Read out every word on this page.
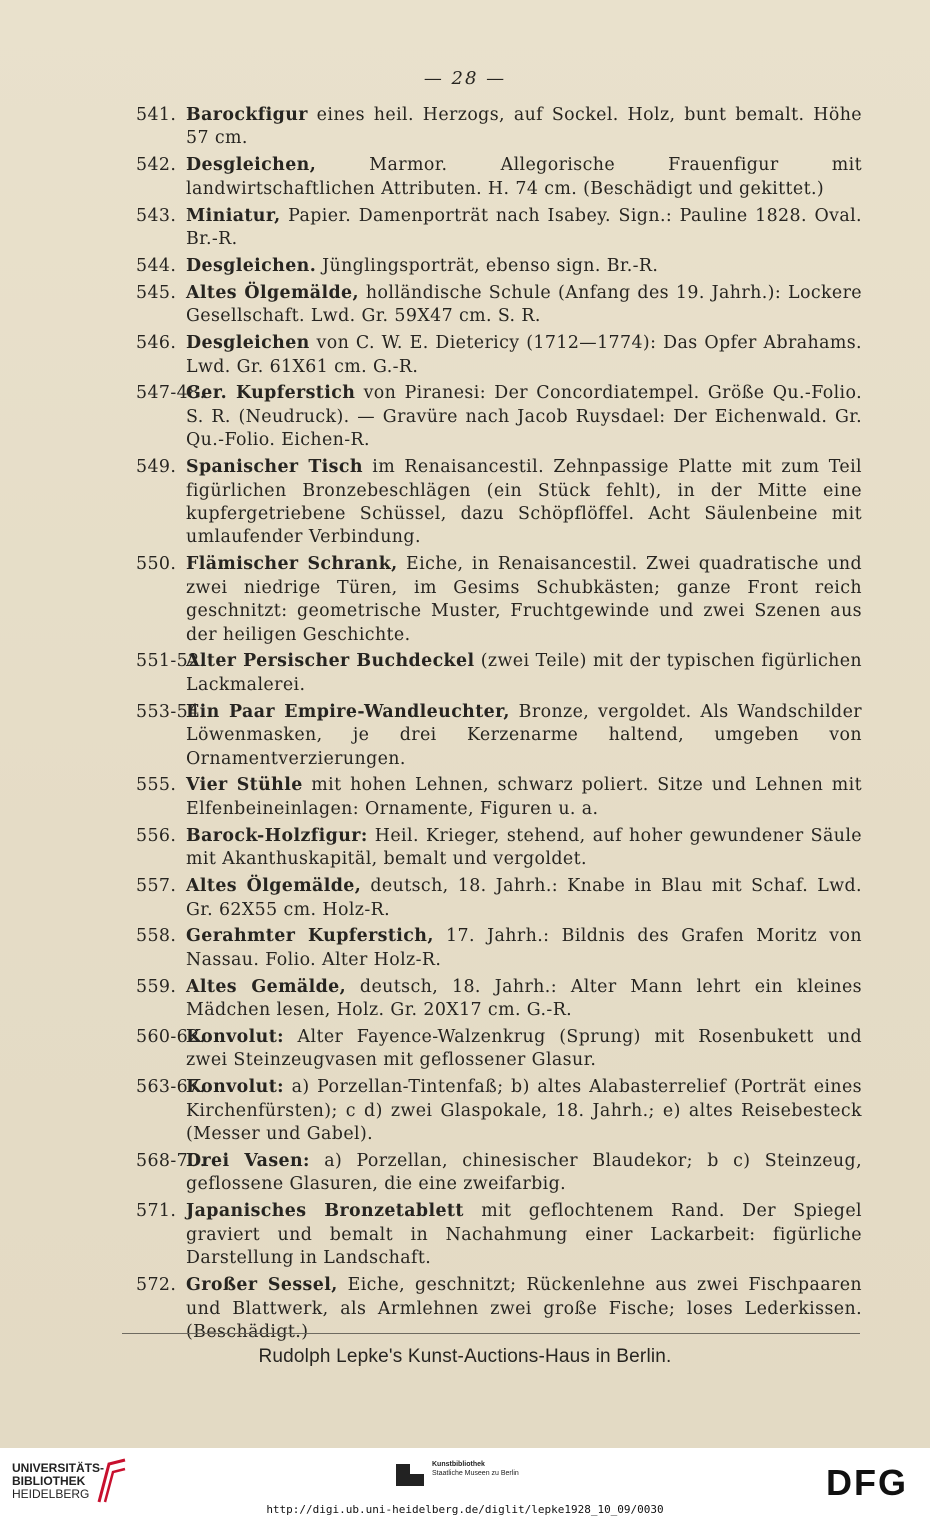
— 28 —
541. Barockfigur eines heil. Herzogs, auf Sockel. Holz, bunt bemalt. Höhe 57 cm.
542. Desgleichen, Marmor. Allegorische Frauenfigur mit landwirtschaftlichen Attributen. H. 74 cm. (Beschädigt und gekittet.)
543. Miniatur, Papier. Damenporträt nach Isabey. Sign.: Pauline 1828. Oval. Br.-R.
544. Desgleichen. Jünglingsporträt, ebenso sign. Br.-R.
545. Altes Ölgemälde, holländische Schule (Anfang des 19. Jahrh.): Lockere Gesellschaft. Lwd. Gr. 59X47 cm. S. R.
546. Desgleichen von C. W. E. Dietericy (1712—1774): Das Opfer Abrahams. Lwd. Gr. 61X61 cm. G.-R.
547-48.
Ger. Kupferstich von Piranesi: Der Concordiatempel. Größe Qu.-Folio. S. R. (Neudruck). — Gravüre nach Jacob Ruysdael: Der Eichenwald. Gr. Qu.-Folio. Eichen-R.
549. Spanischer Tisch im Renaisancestil. Zehnpassige Platte mit zum Teil figürlichen Bronzebeschlägen (ein Stück fehlt), in der Mitte eine kupfergetriebene Schüssel, dazu Schöpflöffel. Acht Säulenbeine mit umlaufender Verbindung.
550. Flämischer Schrank, Eiche, in Renaisancestil. Zwei quadratische und zwei niedrige Türen, im Gesims Schubkästen; ganze Front reich geschnitzt: geometrische Muster, Fruchtgewinde und zwei Szenen aus der heiligen Geschichte.
551-52.
Alter Persischer Buchdeckel (zwei Teile) mit der typischen figürlichen Lackmalerei.
553-54.
Ein Paar Empire-Wandleuchter, Bronze, vergoldet. Als Wandschilder Löwenmasken, je drei Kerzenarme haltend, umgeben von Ornamentverzierungen.
555. Vier Stühle mit hohen Lehnen, schwarz poliert. Sitze und Lehnen mit Elfenbeineinlagen: Ornamente, Figuren u. a.
556. Barock-Holzfigur: Heil. Krieger, stehend, auf hoher gewundener Säule mit Akanthuskapitäl, bemalt und vergoldet.
557. Altes Ölgemälde, deutsch, 18. Jahrh.: Knabe in Blau mit Schaf. Lwd. Gr. 62X55 cm. Holz-R.
558. Gerahmter Kupferstich, 17. Jahrh.: Bildnis des Grafen Moritz von Nassau. Folio. Alter Holz-R.
559. Altes Gemälde, deutsch, 18. Jahrh.: Alter Mann lehrt ein kleines Mädchen lesen, Holz. Gr. 20X17 cm. G.-R.
560-62.
Konvolut: Alter Fayence-Walzenkrug (Sprung) mit Rosenbukett und zwei Steinzeugvasen mit geflossener Glasur.
563-67.
Konvolut: a) Porzellan-Tintenfaß; b) altes Alabasterrelief (Porträt eines Kirchenfürsten); c d) zwei Glaspokale, 18. Jahrh.; e) altes Reisebesteck (Messer und Gabel).
568-70.
Drei Vasen: a) Porzellan, chinesischer Blaudekor; b c) Steinzeug, geflossene Glasuren, die eine zweifarbig.
571. Japanisches Bronzetablett mit geflochtenem Rand. Der Spiegel graviert und bemalt in Nachahmung einer Lackarbeit: figürliche Darstellung in Landschaft.
572. Großer Sessel, Eiche, geschnitzt; Rückenlehne aus zwei Fischpaaren und Blattwerk, als Armlehnen zwei große Fische; loses Lederkissen. (Beschädigt.)
Rudolph Lepke's Kunst-Auctions-Haus in Berlin.
UNIVERSITÄTS-
BIBLIOTHEK
HEIDELBERG
Kunstbibliothek
Staatliche Museen zu Berlin	DFG
http://digi.ub.uni-heidelberg.de/diglit/lepke1928_10_09/0030
